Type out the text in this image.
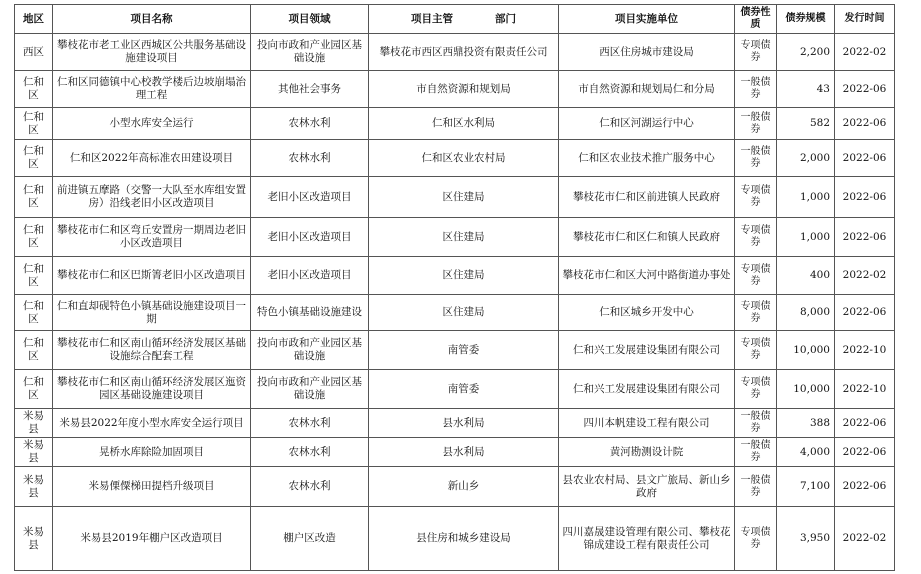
地区	项目名称	项目领域	项目主管　　　　部门	项目实施单位	债券性质	债券规模	发行时间
西区	攀枝花市老工业区西城区公共服务基础设施建设项目	投向市政和产业园区基础设施	攀枝花市西区西鼎投资有限责任公司	西区住房城市建设局	专项债券	2,200	2022-02
仁和区	仁和区同德镇中心校教学楼后边坡崩塌治理工程	其他社会事务	市自然资源和规划局	市自然资源和规划局仁和分局	一般债券	43	2022-06
仁和区	小型水库安全运行	农林水利	仁和区水利局	仁和区河湖运行中心	一般债券	582	2022-06
仁和区	仁和区2022年高标准农田建设项目	农林水利	仁和区农业农村局	仁和区农业技术推广服务中心	一般债券	2,000	2022-06
仁和区	前进镇五摩路（交警一大队至水库组安置房）沿线老旧小区改造项目	老旧小区改造项目	区住建局	攀枝花市仁和区前进镇人民政府	专项债券	1,000	2022-06
仁和区	攀枝花市仁和区弯丘安置房一期周边老旧小区改造项目	老旧小区改造项目	区住建局	攀枝花市仁和区仁和镇人民政府	专项债券	1,000	2022-06
仁和区	攀枝花市仁和区巴斯箐老旧小区改造项目	老旧小区改造项目	区住建局	攀枝花市仁和区大河中路街道办事处	专项债券	400	2022-02
仁和区	仁和直却砚特色小镇基础设施建设项目一期	特色小镇基础设施建设	区住建局	仁和区城乡开发中心	专项债券	8,000	2022-06
仁和区	攀枝花市仁和区南山循环经济发展区基础设施综合配套工程	投向市政和产业园区基础设施	南管委	仁和兴工发展建设集团有限公司	专项债券	10,000	2022-10
仁和区	攀枝花市仁和区南山循环经济发展区迤资园区基础设施建设项目	投向市政和产业园区基础设施	南管委	仁和兴工发展建设集团有限公司	专项债券	10,000	2022-10
米易县	米易县2022年度小型水库安全运行项目	农林水利	县水利局	四川本帆建设工程有限公司	一般债券	388	2022-06
米易县	晃桥水库除险加固项目	农林水利	县水利局	黄河勘测设计院	一般债券	4,000	2022-06
米易县	米易傈僳梯田提档升级项目	农林水利	新山乡	县农业农村局、县文广旅局、新山乡政府	一般债券	7,100	2022-06
米易县	米易县2019年棚户区改造项目	棚户区改造	县住房和城乡建设局	四川嘉晟建设管理有限公司、攀枝花锦成建设工程有限责任公司	专项债券	3,950	2022-02
